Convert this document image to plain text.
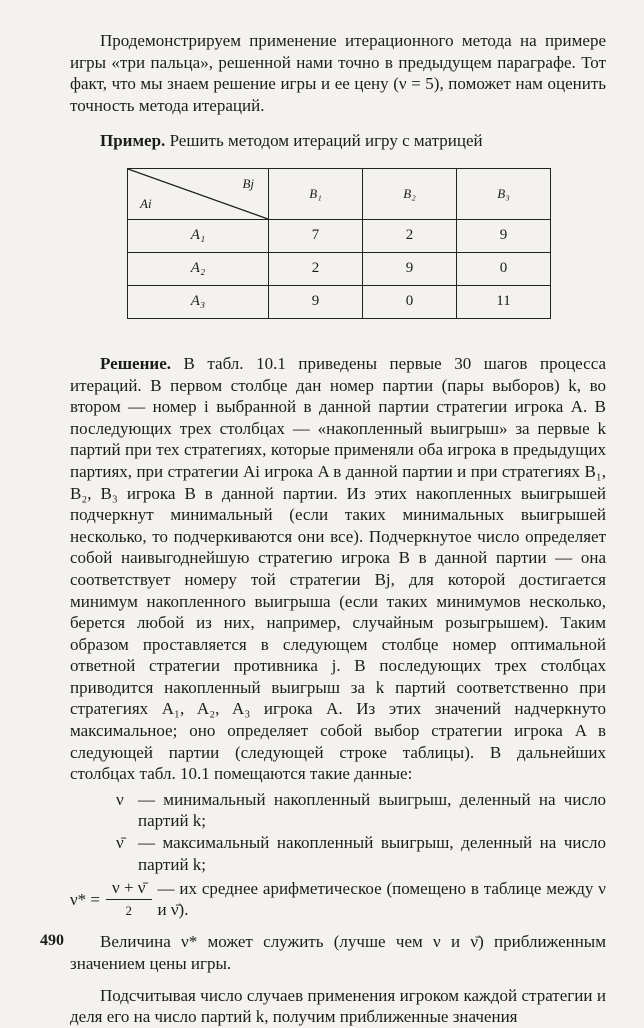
Продемонстрируем применение итерационного метода на примере игры «три пальца», решенной нами точно в предыдущем параграфе. Тот факт, что мы знаем решение игры и ее цену (ν = 5), поможет нам оценить точность метода итераций.

Пример. Решить методом итераций игру с матрицей

Bj
Ai	B₁	B₂	B₃
A₁	7	2	9
A₂	2	9	0
A₃	9	0	11

Решение. В табл. 10.1 приведены первые 30 шагов процесса итераций. В первом столбце дан номер партии (пары выборов) k, во втором — номер i выбранной в данной партии стратегии игрока A. В последующих трех столбцах — «накопленный выигрыш» за первые k партий при тех стратегиях, которые применяли оба игрока в предыдущих партиях, при стратегии Ai игрока A в данной партии и при стратегиях B₁, B₂, B₃ игрока B в данной партии. Из этих накопленных выигрышей подчеркнут минимальный (если таких минимальных выигрышей несколько, то подчеркиваются они все). Подчеркнутое число определяет собой наивыгоднейшую стратегию игрока B в данной партии — она соответствует номеру той стратегии Bj, для которой достигается минимум накопленного выигрыша (если таких минимумов несколько, берется любой из них, например, случайным розыгрышем). Таким образом проставляется в следующем столбце номер оптимальной ответной стратегии противника j. В последующих трех столбцах приводится накопленный выигрыш за k партий соответственно при стратегиях A₁, A₂, A₃ игрока A. Из этих значений надчеркнуто максимальное; оно определяет собой выбор стратегии игрока A в следующей партии (следующей строке таблицы). В дальнейших столбцах табл. 10.1 помещаются такие данные:

ν — минимальный накопленный выигрыш, деленный на число партий k;
ν̄ — максимальный накопленный выигрыш, деленный на число партий k;
$\nu* = \frac{\nu + \nū}{2}$ — их среднее арифметическое (помещено в таблице между ν и ν̄).

Величина ν* может служить (лучше чем ν и ν̄) приближенным значением цены игры.

Подсчитывая число случаев применения игроком каждой стратегии и деля его на число партий k, получим приближенные значения

490
